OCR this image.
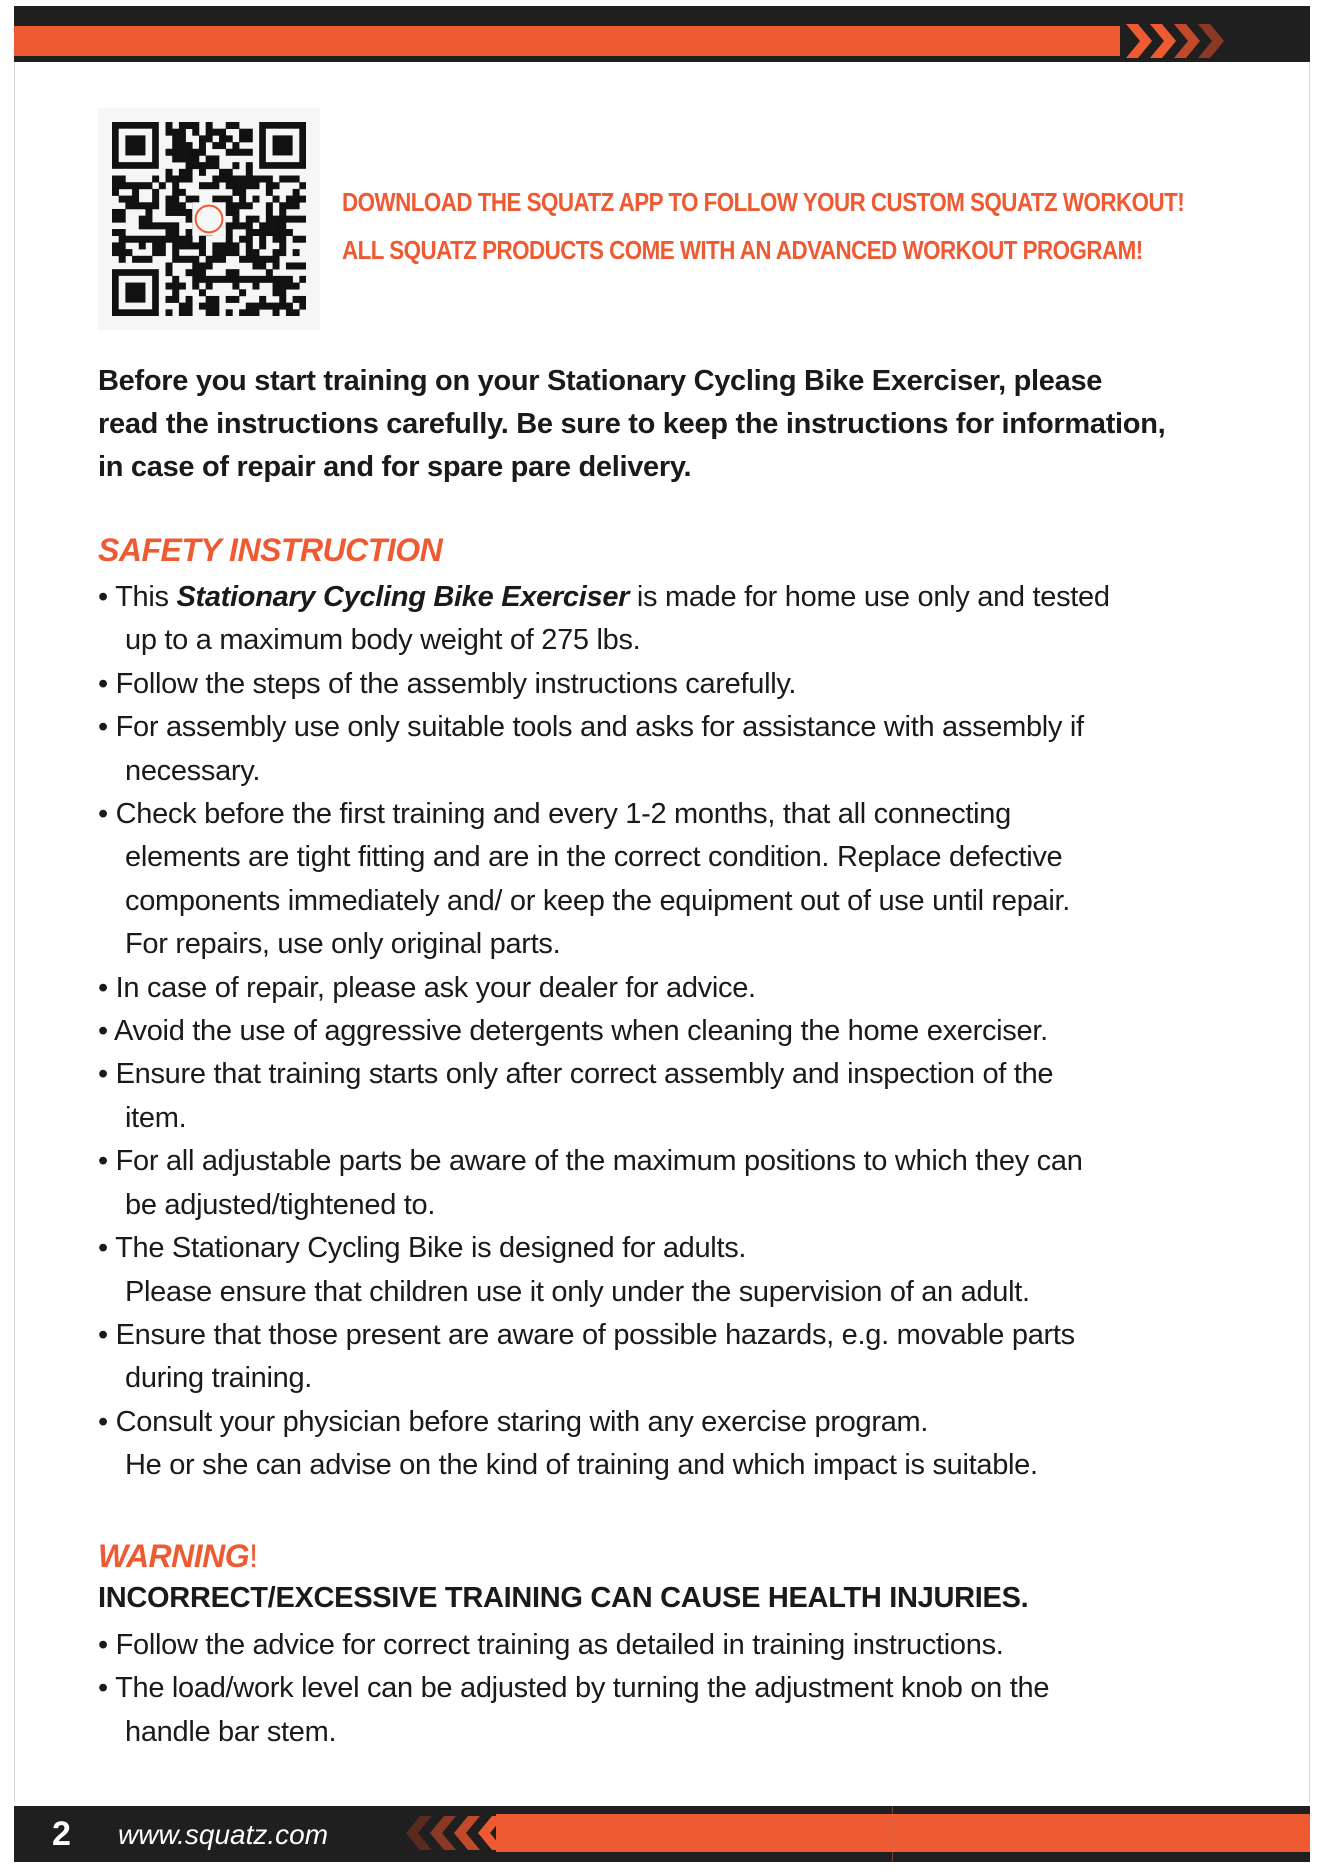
DOWNLOAD THE SQUATZ APP TO FOLLOW YOUR CUSTOM SQUATZ WORKOUT!
ALL SQUATZ PRODUCTS COME WITH AN ADVANCED WORKOUT PROGRAM!
Before you start training on your Stationary Cycling Bike Exerciser, please
read the instructions carefully. Be sure to keep the instructions for information,
in case of repair and for spare pare delivery.
SAFETY INSTRUCTION
• This Stationary Cycling Bike Exerciser is made for home use only and tested
up to a maximum body weight of 275 lbs.
• Follow the steps of the assembly instructions carefully.
• For assembly use only suitable tools and asks for assistance with assembly if
necessary.
• Check before the first training and every 1-2 months, that all connecting
elements are tight fitting and are in the correct condition. Replace defective
components immediately and/ or keep the equipment out of use until repair.
For repairs, use only original parts.
• In case of repair, please ask your dealer for advice.
• Avoid the use of aggressive detergents when cleaning the home exerciser.
• Ensure that training starts only after correct assembly and inspection of the
item.
• For all adjustable parts be aware of the maximum positions to which they can
be adjusted/tightened to.
• The Stationary Cycling Bike is designed for adults.
Please ensure that children use it only under the supervision of an adult.
• Ensure that those present are aware of possible hazards, e.g. movable parts
during training.
• Consult your physician before staring with any exercise program.
He or she can advise on the kind of training and which impact is suitable.
WARNING!
INCORRECT/EXCESSIVE TRAINING CAN CAUSE HEALTH INJURIES.
• Follow the advice for correct training as detailed in training instructions.
• The load/work level can be adjusted by turning the adjustment knob on the
handle bar stem.
2 www.squatz.com
